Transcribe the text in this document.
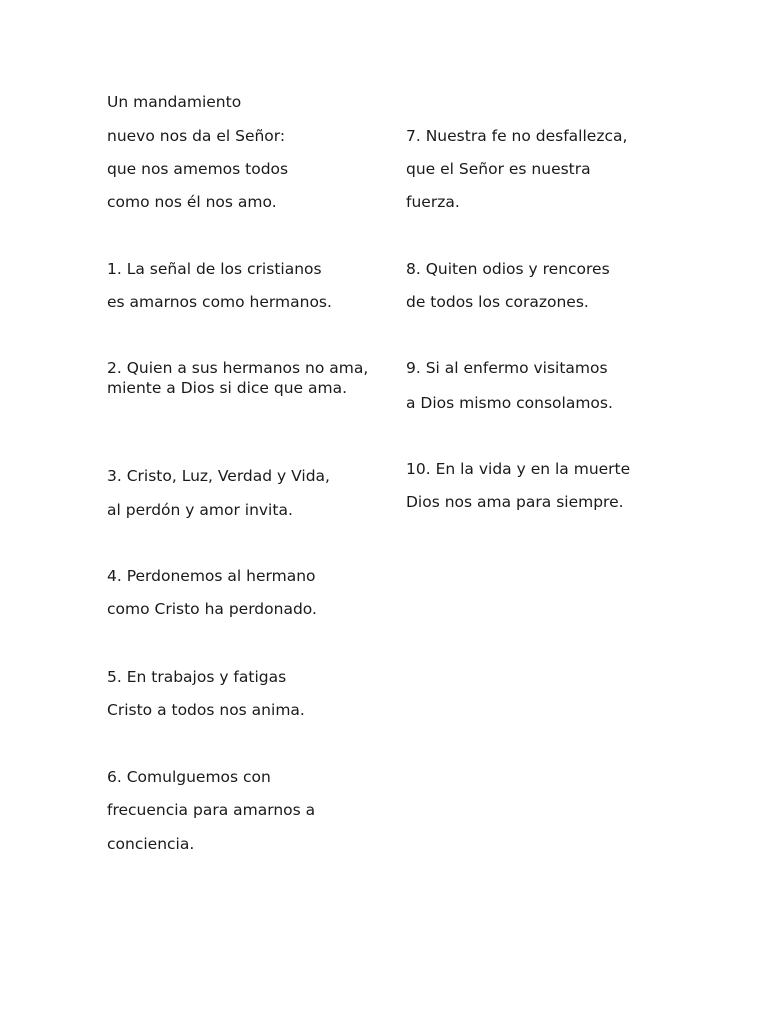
Un mandamiento
nuevo nos da el Señor:
que nos amemos todos
como nos él nos amo.
1. La señal de los cristianos
es amarnos como hermanos.
2. Quien a sus hermanos no ama, miente a Dios si dice que ama.
3. Cristo, Luz, Verdad y Vida,
al perdón y amor invita.
4. Perdonemos al hermano
como Cristo ha perdonado.
5. En trabajos y fatigas
Cristo a todos nos anima.
6. Comulguemos con
frecuencia para amarnos a
conciencia.
7. Nuestra fe no desfallezca,
que el Señor es nuestra
fuerza.
8. Quiten odios y rencores
de todos los corazones.
9. Si al enfermo visitamos
a Dios mismo consolamos.
10. En la vida y en la muerte
Dios nos ama para siempre.
